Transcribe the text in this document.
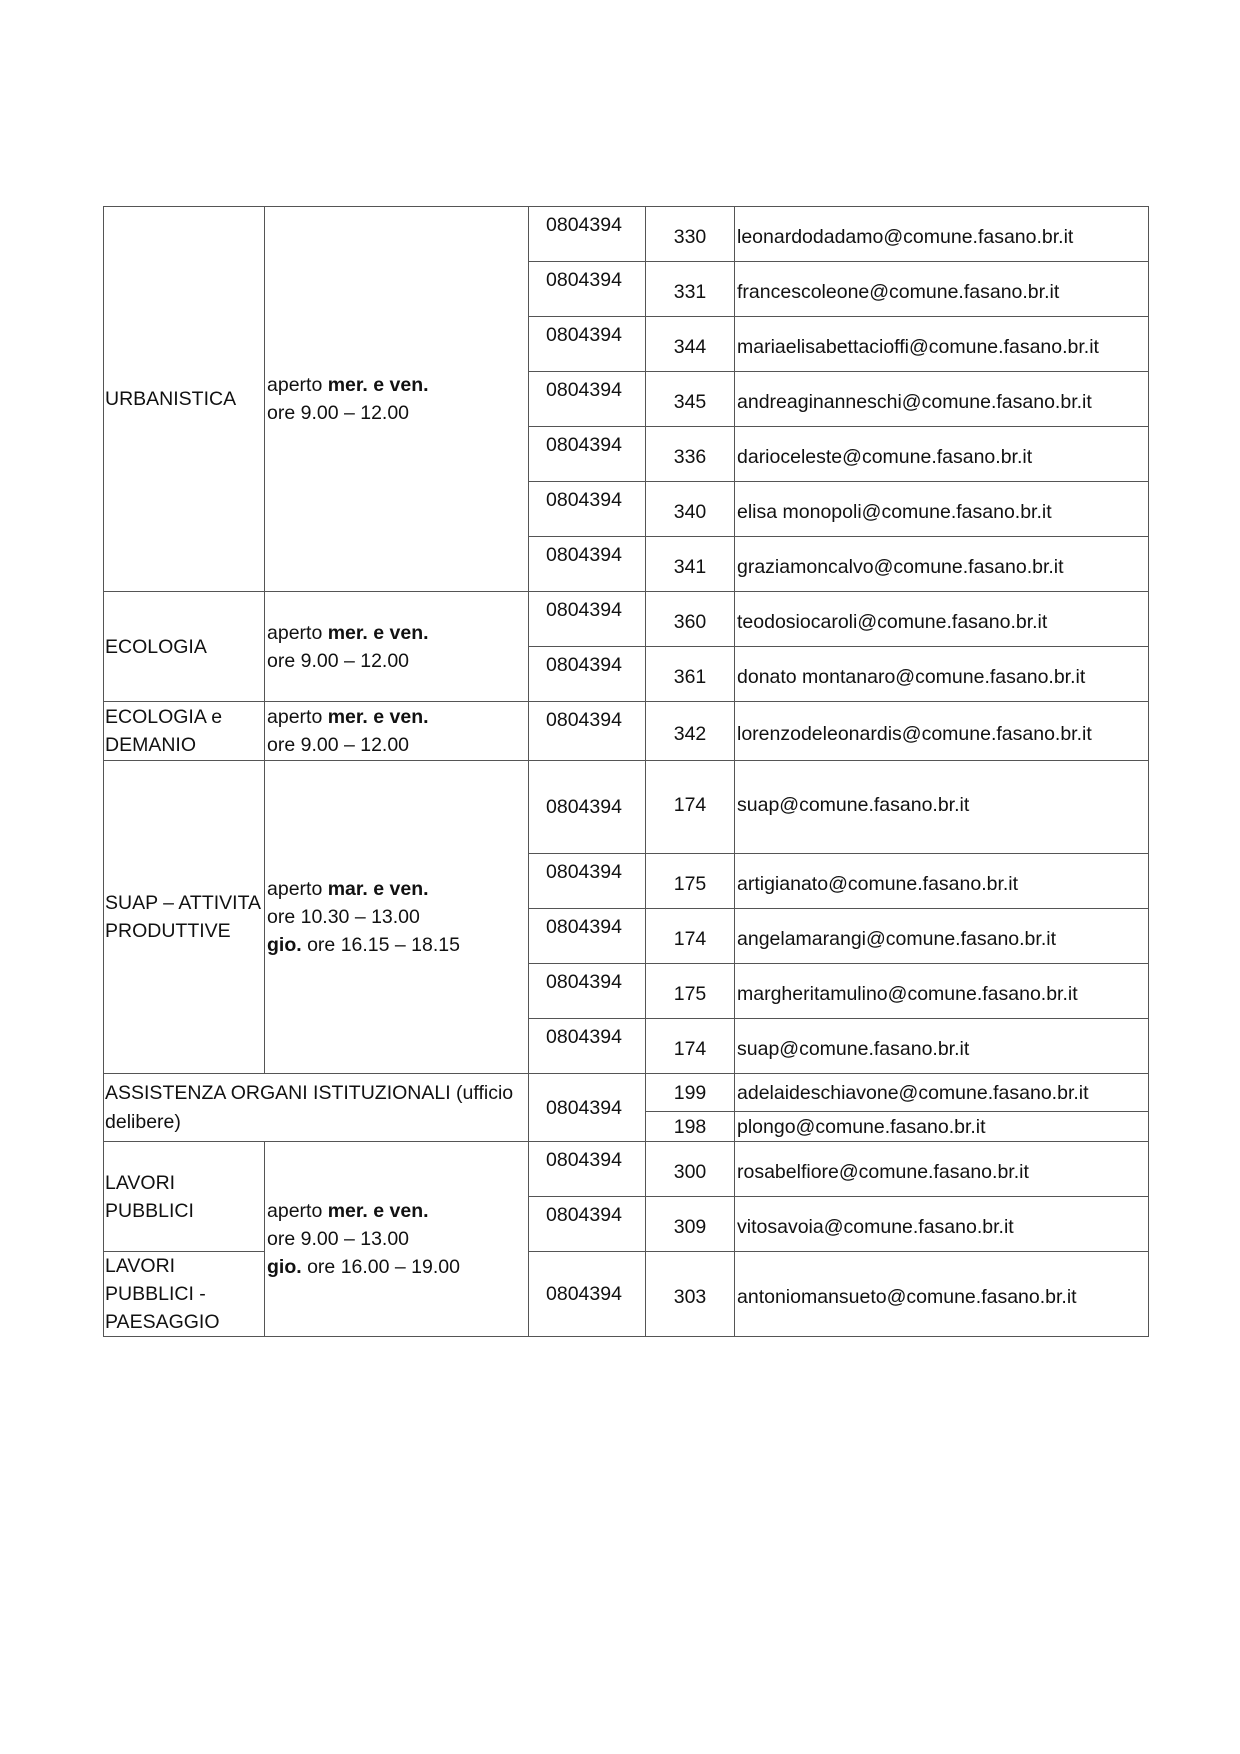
URBANISTICA	aperto mer. e ven.
ore 9.00 – 12.00	0804394	330	leonardodadamo@comune.fasano.br.it
		0804394	331	francescoleone@comune.fasano.br.it
		0804394	344	mariaelisabettacioffi@comune.fasano.br.it
		0804394	345	andreaginanneschi@comune.fasano.br.it
		0804394	336	darioceleste@comune.fasano.br.it
		0804394	340	elisa monopoli@comune.fasano.br.it
		0804394	341	graziamoncalvo@comune.fasano.br.it
ECOLOGIA	aperto mer. e ven.
ore 9.00 – 12.00	0804394	360	teodosiocaroli@comune.fasano.br.it
		0804394	361	donato montanaro@comune.fasano.br.it
ECOLOGIA e DEMANIO	aperto mer. e ven.
ore 9.00 – 12.00	0804394	342	lorenzodeleonardis@comune.fasano.br.it
SUAP – ATTIVITA PRODUTTIVE	aperto mar. e ven.
ore 10.30 – 13.00
gio. ore 16.15 – 18.15	0804394	174	suap@comune.fasano.br.it
		0804394	175	artigianato@comune.fasano.br.it
		0804394	174	angelamarangi@comune.fasano.br.it
		0804394	175	margheritamulino@comune.fasano.br.it
		0804394	174	suap@comune.fasano.br.it
ASSISTENZA ORGANI ISTITUZIONALI (ufficio delibere)		0804394	199	adelaideschiavone@comune.fasano.br.it
			198	plongo@comune.fasano.br.it
LAVORI PUBBLICI	aperto mer. e ven.
ore 9.00 – 13.00
gio. ore 16.00 – 19.00	0804394	300	rosabelfiore@comune.fasano.br.it
		0804394	309	vitosavoia@comune.fasano.br.it
LAVORI PUBBLICI - PAESAGGIO		0804394	303	antoniomansueto@comune.fasano.br.it
